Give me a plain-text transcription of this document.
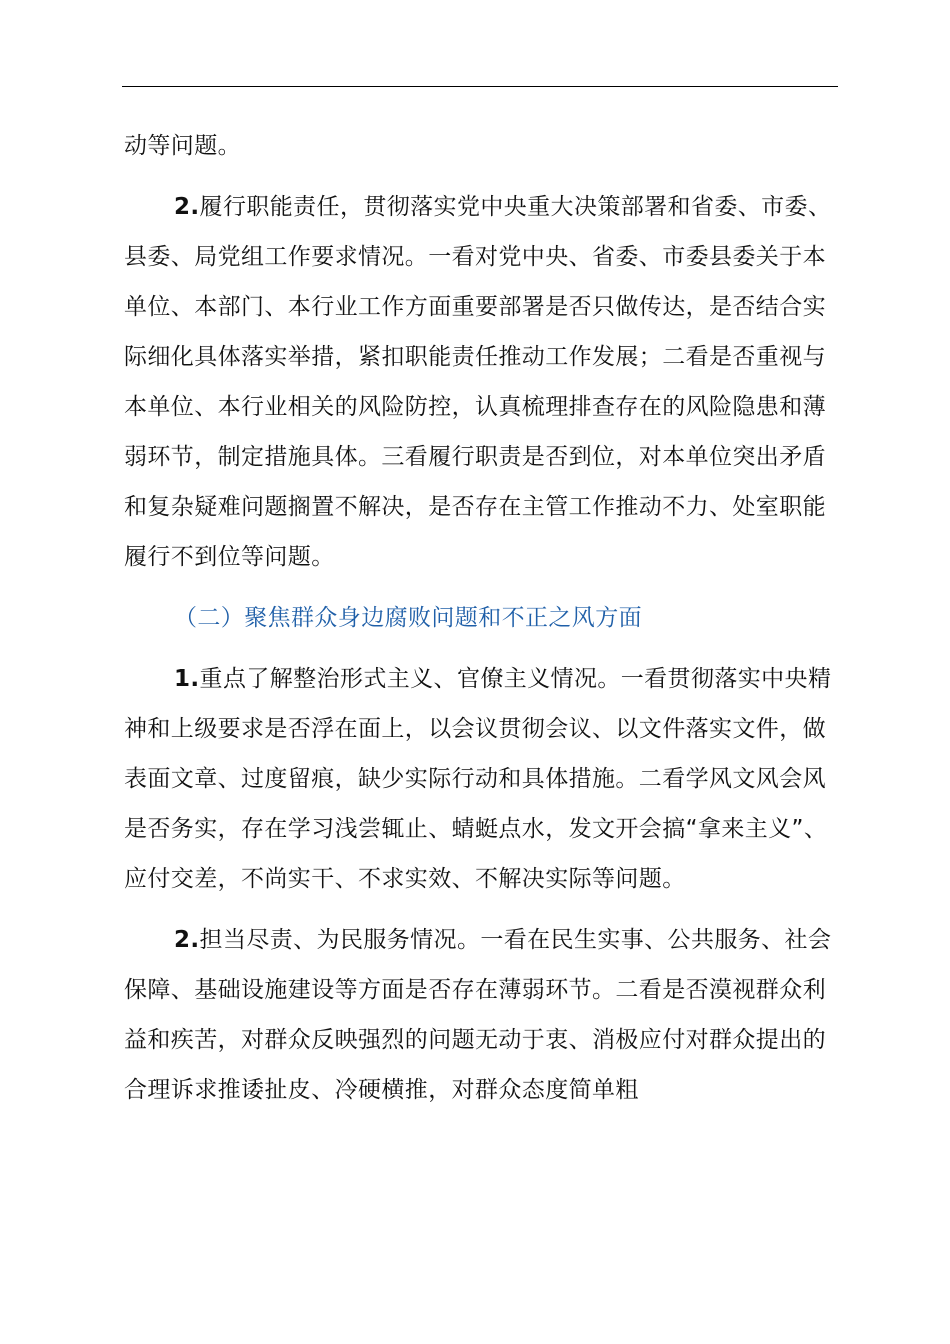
动等问题。

2.履行职能责任，贯彻落实党中央重大决策部署和省委、市委、县委、局党组工作要求情况。一看对党中央、省委、市委县委关于本单位、本部门、本行业工作方面重要部署是否只做传达，是否结合实际细化具体落实举措，紧扣职能责任推动工作发展；二看是否重视与本单位、本行业相关的风险防控，认真梳理排查存在的风险隐患和薄弱环节，制定措施具体。三看履行职责是否到位，对本单位突出矛盾和复杂疑难问题搁置不解决，是否存在主管工作推动不力、处室职能履行不到位等问题。

（二）聚焦群众身边腐败问题和不正之风方面

1.重点了解整治形式主义、官僚主义情况。一看贯彻落实中央精神和上级要求是否浮在面上，以会议贯彻会议、以文件落实文件，做表面文章、过度留痕，缺少实际行动和具体措施。二看学风文风会风是否务实，存在学习浅尝辄止、蜻蜓点水，发文开会搞“拿来主义”、应付交差，不尚实干、不求实效、不解决实际等问题。

2.担当尽责、为民服务情况。一看在民生实事、公共服务、社会保障、基础设施建设等方面是否存在薄弱环节。二看是否漠视群众利益和疾苦，对群众反映强烈的问题无动于衷、消极应付对群众提出的合理诉求推诿扯皮、冷硬横推，对群众态度简单粗
